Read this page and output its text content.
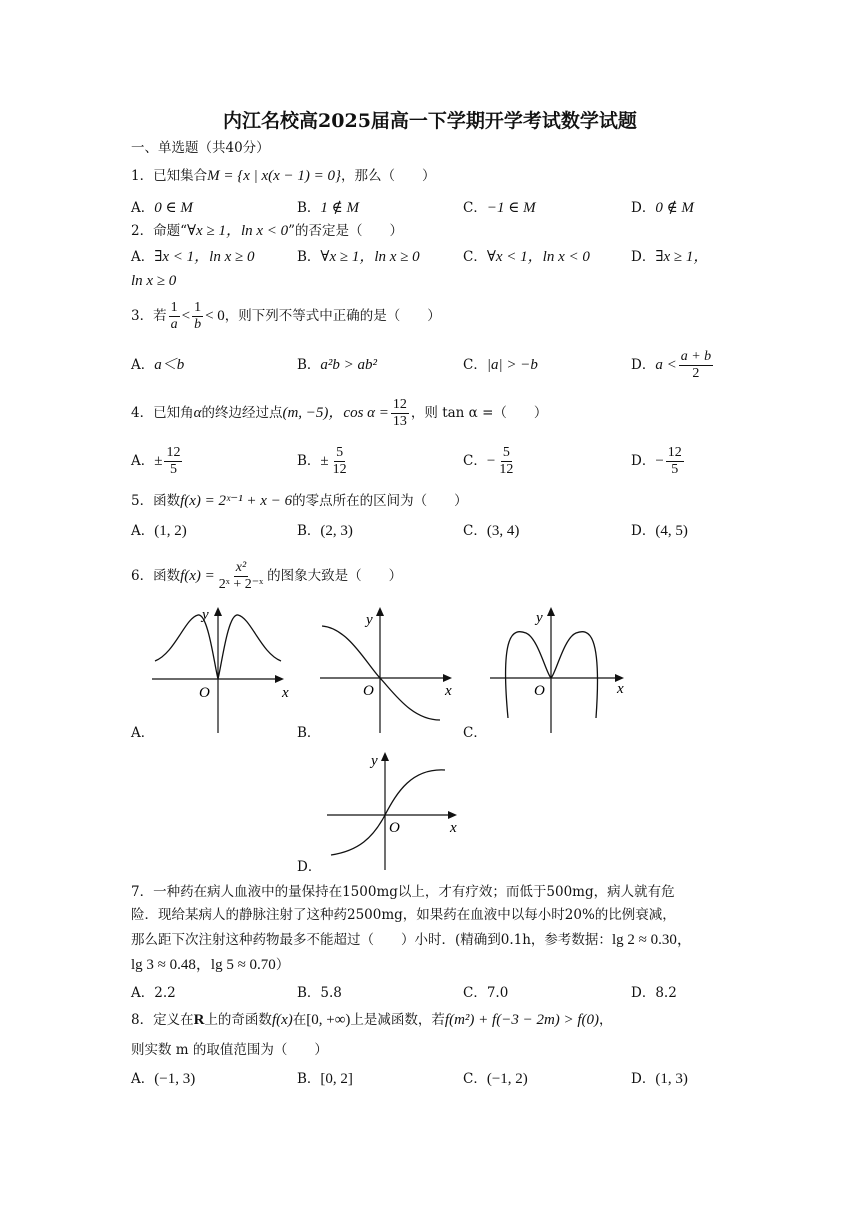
内江名校高2025届高一下学期开学考试数学试题
一、单选题（共40分）
1．已知集合M = {x | x(x − 1) = 0}，那么（　　）
A．0 ∈ M	B．1 ∉ M	C．−1 ∈ M	D．0 ∉ M
2．命题“∀x ≥ 1，ln x < 0”的否定是（　　）
A．∃x < 1，ln x ≥ 0	B．∀x ≥ 1，ln x ≥ 0	C．∀x < 1，ln x < 0	D．∃x ≥ 1，
ln x ≥ 0
3．若 $\frac{1}{a} < \frac{1}{b} < 0$，则下列不等式中正确的是（　　）
A．a＜b	B．a²b > ab²	C．|a| > −b	D．$a < \frac{a + b}{2}$
4．已知角α的终边经过点(m, −5)，$\cos \alpha = \frac{12}{13}$ ，则 tan α =（　　）
A．± $\frac{12}{5}$	B．± $\frac{5}{12}$	C．− $\frac{5}{12}$	D．− $\frac{12}{5}$
5．函数f(x) = 2ˣ⁻¹ + x − 6的零点所在的区间为（　　）
A．(1, 2)	B．(2, 3)	C．(3, 4)	D．(4, 5)
6．函数$f(x) = \frac{\text{x²}}{\text{2ˣ + 2⁻ˣ}}$ 的图象大致是（　　）
y
O	x
A．
y
O	x
B．
y
O	x
C．
y
O	x
D．
7．一种药在病人血液中的量保持在1500mg以上，才有疗效；而低于500mg，病人就有危
险．现给某病人的静脉注射了这种药2500mg，如果药在血液中以每小时20%的比例衰减，
那么距下次注射这种药物最多不能超过（　　）小时．(精确到0.1h，参考数据：lg 2 ≈ 0.30，
lg 3 ≈ 0.48，lg 5 ≈ 0.70）
A．2.2	B．5.8	C．7.0	D．8.2
8．定义在R上的奇函数f(x)在[0, +∞)上是减函数，若f(m²) + f(−3 − 2m) > f(0)，
则实数 m 的取值范围为（　　）
A．(−1, 3)	B．[0, 2]	C．(−1, 2)	D．(1, 3)
